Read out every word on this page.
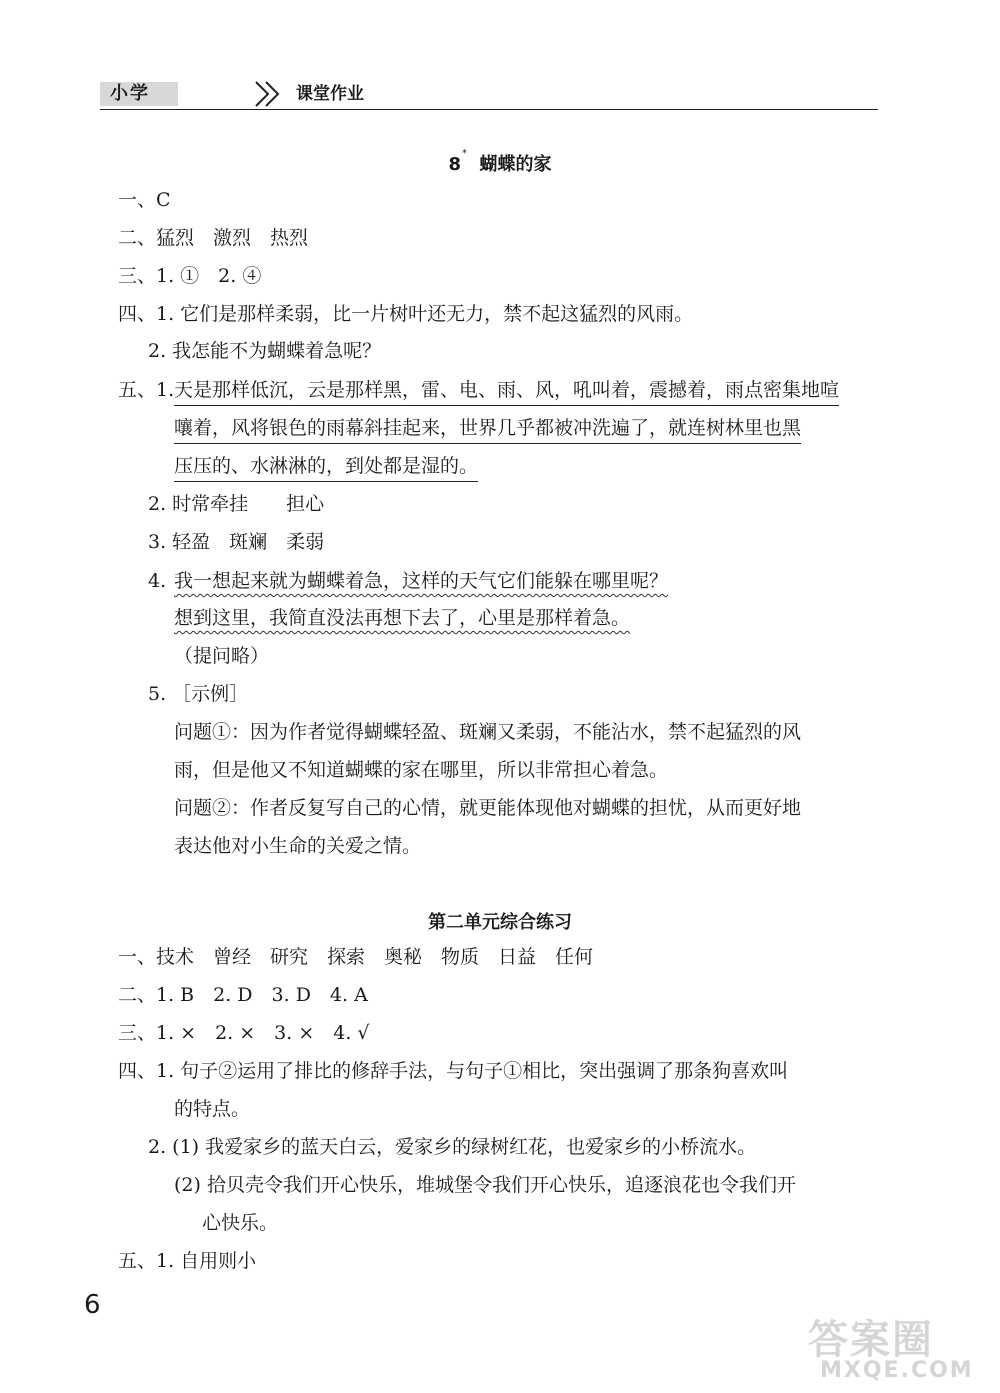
小学	课堂作业
8*  蝴蝶的家
一、C
二、猛烈　激烈　热烈
三、1. ①　2. ④
四、1. 它们是那样柔弱，比一片树叶还无力，禁不起这猛烈的风雨。
2. 我怎能不为蝴蝶着急呢？
五、1. 天是那样低沉，云是那样黑，雷、电、雨、风，吼叫着，震撼着，雨点密集地喧
嚷着，风将银色的雨幕斜挂起来，世界几乎都被冲洗遍了，就连树林里也黑
压压的、水淋淋的，到处都是湿的。
2. 时常牵挂　　担心
3. 轻盈　斑斓　柔弱
4. 我一想起来就为蝴蝶着急，这样的天气它们能躲在哪里呢？
想到这里，我简直没法再想下去了，心里是那样着急。
（提问略）
5. ［示例］
问题①：因为作者觉得蝴蝶轻盈、斑斓又柔弱，不能沾水，禁不起猛烈的风
雨，但是他又不知道蝴蝶的家在哪里，所以非常担心着急。
问题②：作者反复写自己的心情，就更能体现他对蝴蝶的担忧，从而更好地
表达他对小生命的关爱之情。
第二单元综合练习
一、技术　曾经　研究　探索　奥秘　物质　日益　任何
二、1. B　2. D　3. D　4. A
三、1. ×　2. ×　3. ×　4. √
四、1. 句子②运用了排比的修辞手法，与句子①相比，突出强调了那条狗喜欢叫
的特点。
2. (1) 我爱家乡的蓝天白云，爱家乡的绿树红花，也爱家乡的小桥流水。
(2) 拾贝壳令我们开心快乐，堆城堡令我们开心快乐，追逐浪花也令我们开
心快乐。
五、1. 自用则小
6
答案圈
MXQE.COM
